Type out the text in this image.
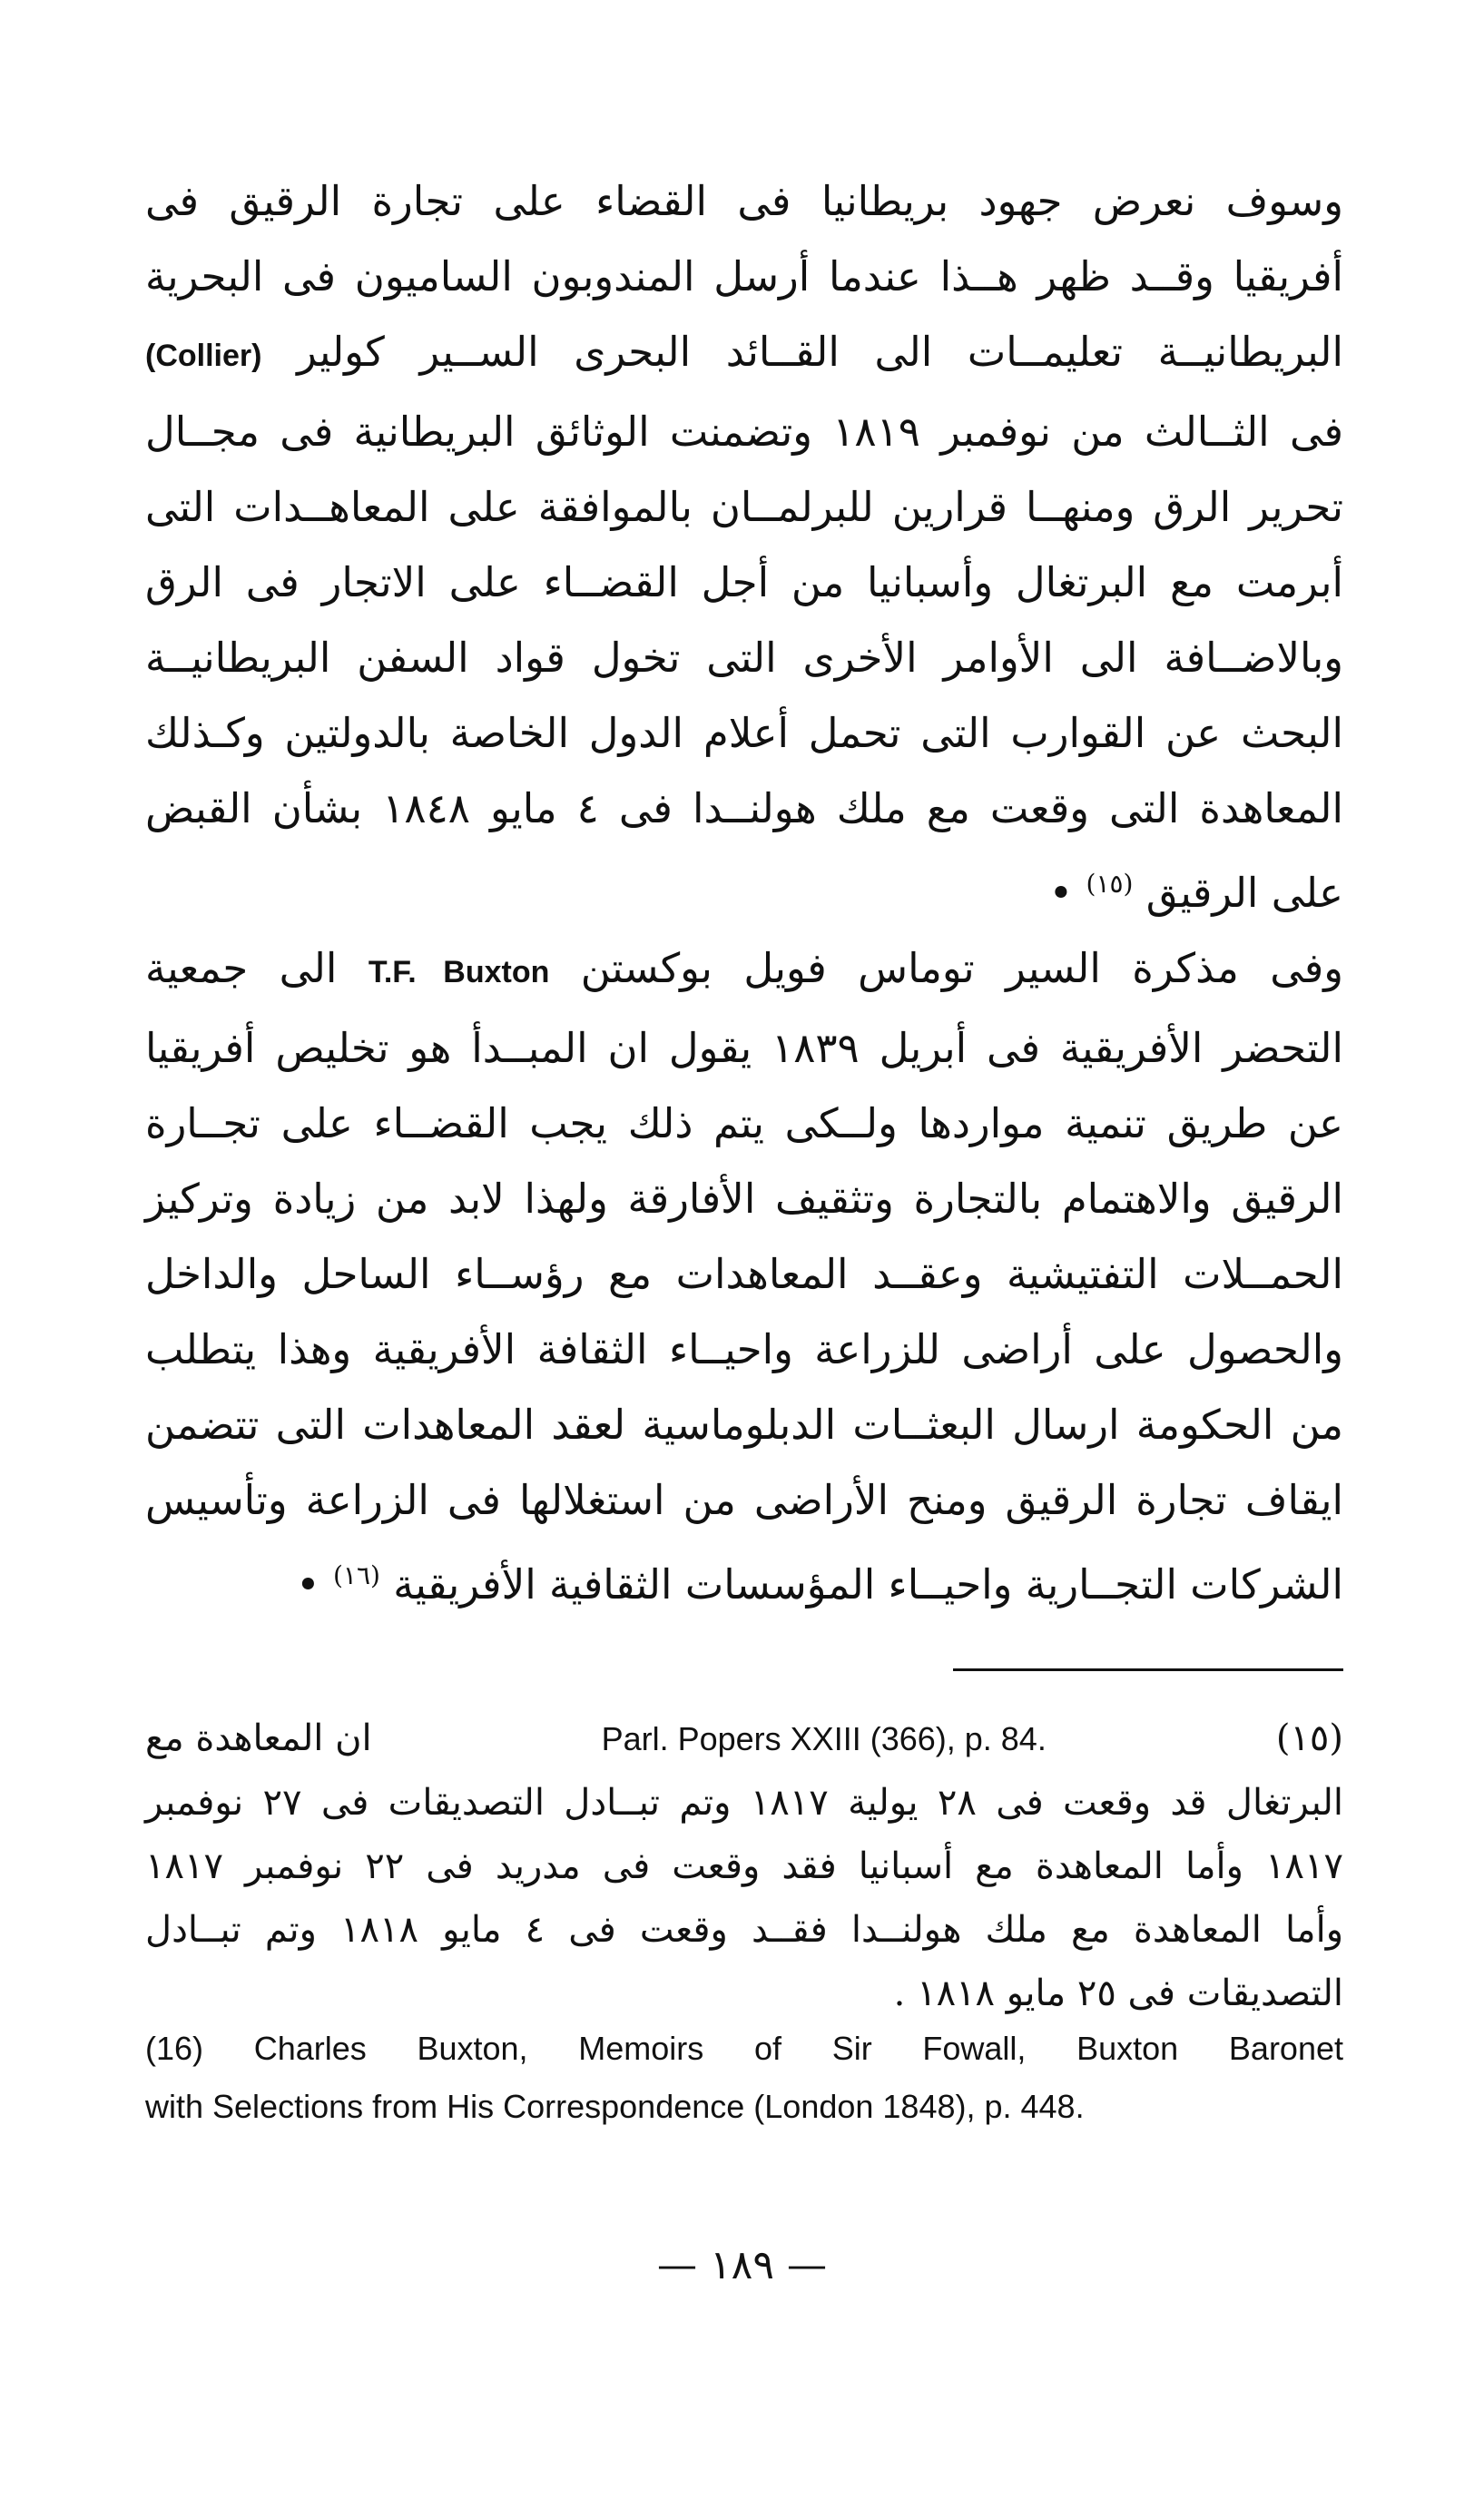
وسوف نعرض جهود بريطانيا فى القضاء على تجارة الرقيق فى
أفريقيا وقــد ظهر هــذا عندما أرسل المندوبون الساميون فى البحرية
البريطانيــة تعليمــات الى القــائد البحرى الســير كولير (Collier)
فى الثــالث من نوفمبر ١٨١٩ وتضمنت الوثائق البريطانية فى مجــال
تحرير الرق ومنهــا قرارين للبرلمــان بالموافقة على المعاهــدات التى
أبرمت مع البرتغال وأسبانيا من أجل القضــاء على الاتجار فى الرق
وبالاضــافة الى الأوامر الأخرى التى تخول قواد السفن البريطانيــة
البحث عن القوارب التى تحمل أعلام الدول الخاصة بالدولتين وكـذلك
المعاهدة التى وقعت مع ملك هولنــدا فى ٤ مايو ١٨٤٨ بشأن القبض
على الرقيق $^{(١٥)}$ •
وفى مذكرة السير توماس فويل بوكستن T.F. Buxton الى جمعية
التحضر الأفريقية فى أبريل ١٨٣٩ يقول ان المبــدأ هو تخليص أفريقيا
عن طريق تنمية مواردها ولــكى يتم ذلك يجب القضــاء على تجــارة
الرقيق والاهتمام بالتجارة وتثقيف الأفارقة ولهذا لابد من زيادة وتركيز
الحمــلات التفتيشية وعقــد المعاهدات مع رؤســاء الساحل والداخل
والحصول على أراضى للزراعة واحيــاء الثقافة الأفريقية وهذا يتطلب
من الحكومة ارسال البعثــات الدبلوماسية لعقد المعاهدات التى تتضمن
ايقاف تجارة الرقيق ومنح الأراضى من استغلالها فى الزراعة وتأسيس
الشركات التجــارية واحيــاء المؤسسات الثقافية الأفريقية $^{(١٦)}$ •
(١٥)
Parl. Popers XXIII (366), p. 84.
ان المعاهدة مع
البرتغال قد وقعت فى ٢٨ يولية ١٨١٧ وتم تبــادل التصديقات فى ٢٧ نوفمبر
١٨١٧ وأما المعاهدة مع أسبانيا فقد وقعت فى مدريد فى ٢٢ نوفمبر ١٨١٧
وأما المعاهدة مع ملك هولنــدا فقــد وقعت فى ٤ مايو ١٨١٨ وتم تبــادل
التصديقات فى ٢٥ مايو ١٨١٨ .
(16) Charles Buxton, Memoirs of Sir Fowall, Buxton Baronet
with Selections from His Correspondence (London 1848), p. 448.
— ١٨٩ —
